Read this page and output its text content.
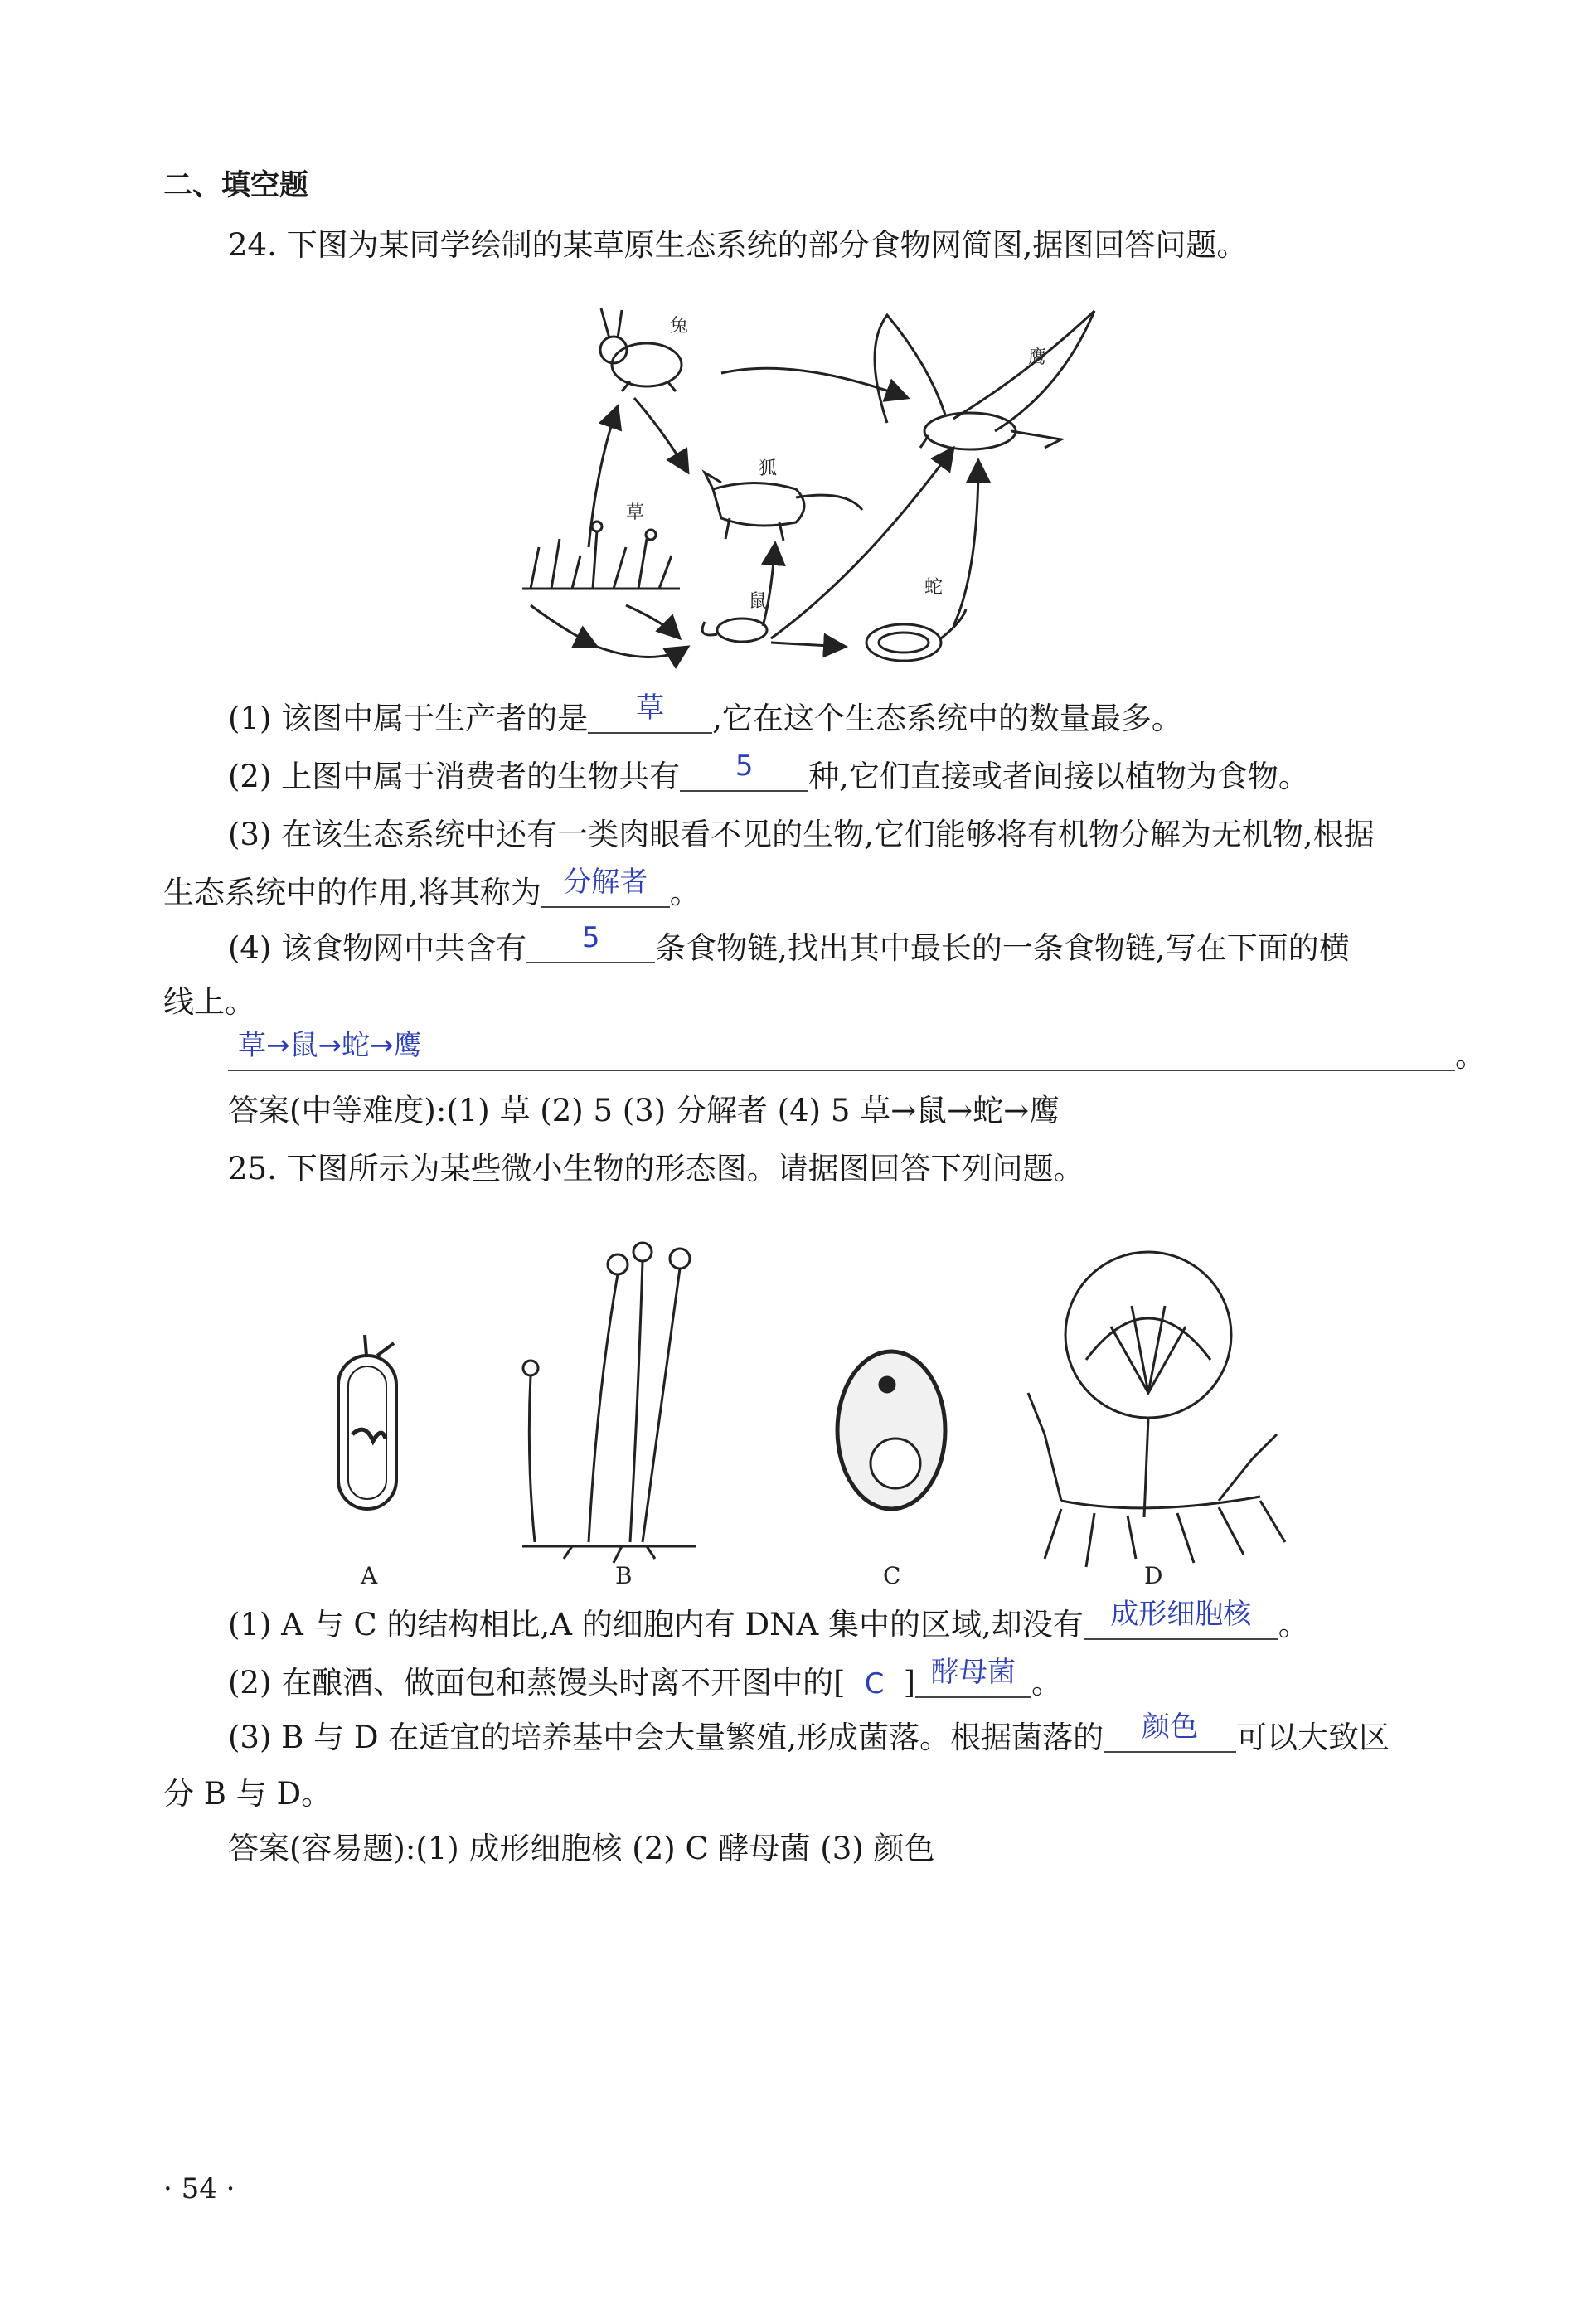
二、填空题
24. 下图为某同学绘制的某草原生态系统的部分食物网简图,据图回答问题。
兔
鹰
狐
草
鼠
蛇
(1) 该图中属于生产者的是 草 ,它在这个生态系统中的数量最多。
(2) 上图中属于消费者的生物共有 5 种,它们直接或者间接以植物为食物。
(3) 在该生态系统中还有一类肉眼看不见的生物,它们能够将有机物分解为无机物,根据
生态系统中的作用,将其称为 分解者 。
(4) 该食物网中共含有 5 条食物链,找出其中最长的一条食物链,写在下面的横
线上。
草→鼠→蛇→鹰	。
答案(中等难度):(1) 草 (2) 5 (3) 分解者 (4) 5 草→鼠→蛇→鹰
25. 下图所示为某些微小生物的形态图。请据图回答下列问题。
A	B	C	D
(1) A 与 C 的结构相比,A 的细胞内有 DNA 集中的区域,却没有 成形细胞核 。
(2) 在酿酒、做面包和蒸馒头时离不开图中的[ C ] 酵母菌 。
(3) B 与 D 在适宜的培养基中会大量繁殖,形成菌落。根据菌落的 颜色 可以大致区
分 B 与 D。
答案(容易题):(1) 成形细胞核 (2) C 酵母菌 (3) 颜色
· 54 ·
